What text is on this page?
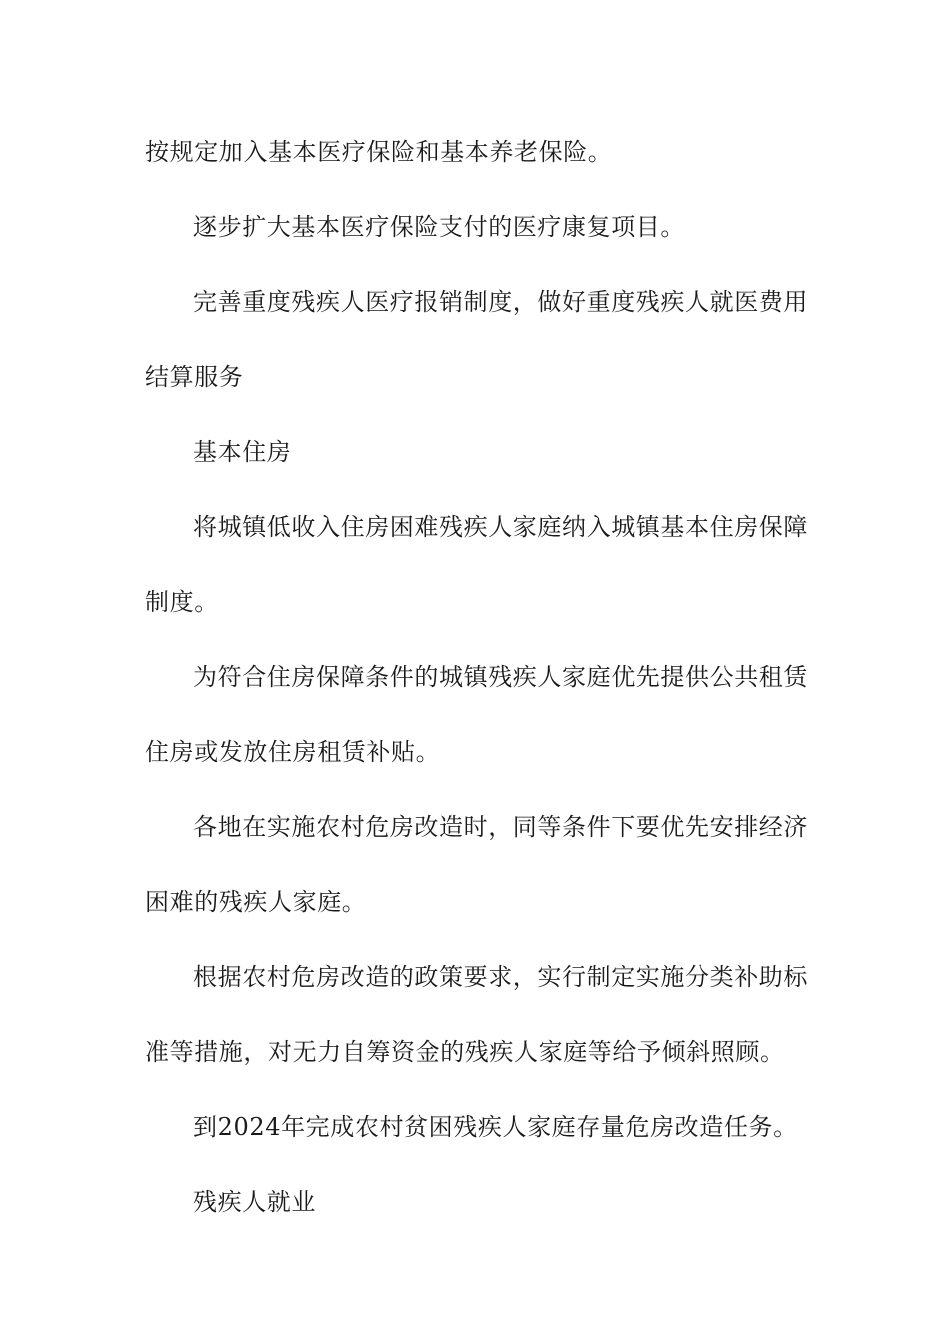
按规定加入基本医疗保险和基本养老保险。
逐步扩大基本医疗保险支付的医疗康复项目。
完善重度残疾人医疗报销制度，做好重度残疾人就医费用
结算服务
基本住房
将城镇低收入住房困难残疾人家庭纳入城镇基本住房保障
制度。
为符合住房保障条件的城镇残疾人家庭优先提供公共租赁
住房或发放住房租赁补贴。
各地在实施农村危房改造时，同等条件下要优先安排经济
困难的残疾人家庭。
根据农村危房改造的政策要求，实行制定实施分类补助标
准等措施，对无力自筹资金的残疾人家庭等给予倾斜照顾。
到2024年完成农村贫困残疾人家庭存量危房改造任务。
残疾人就业
